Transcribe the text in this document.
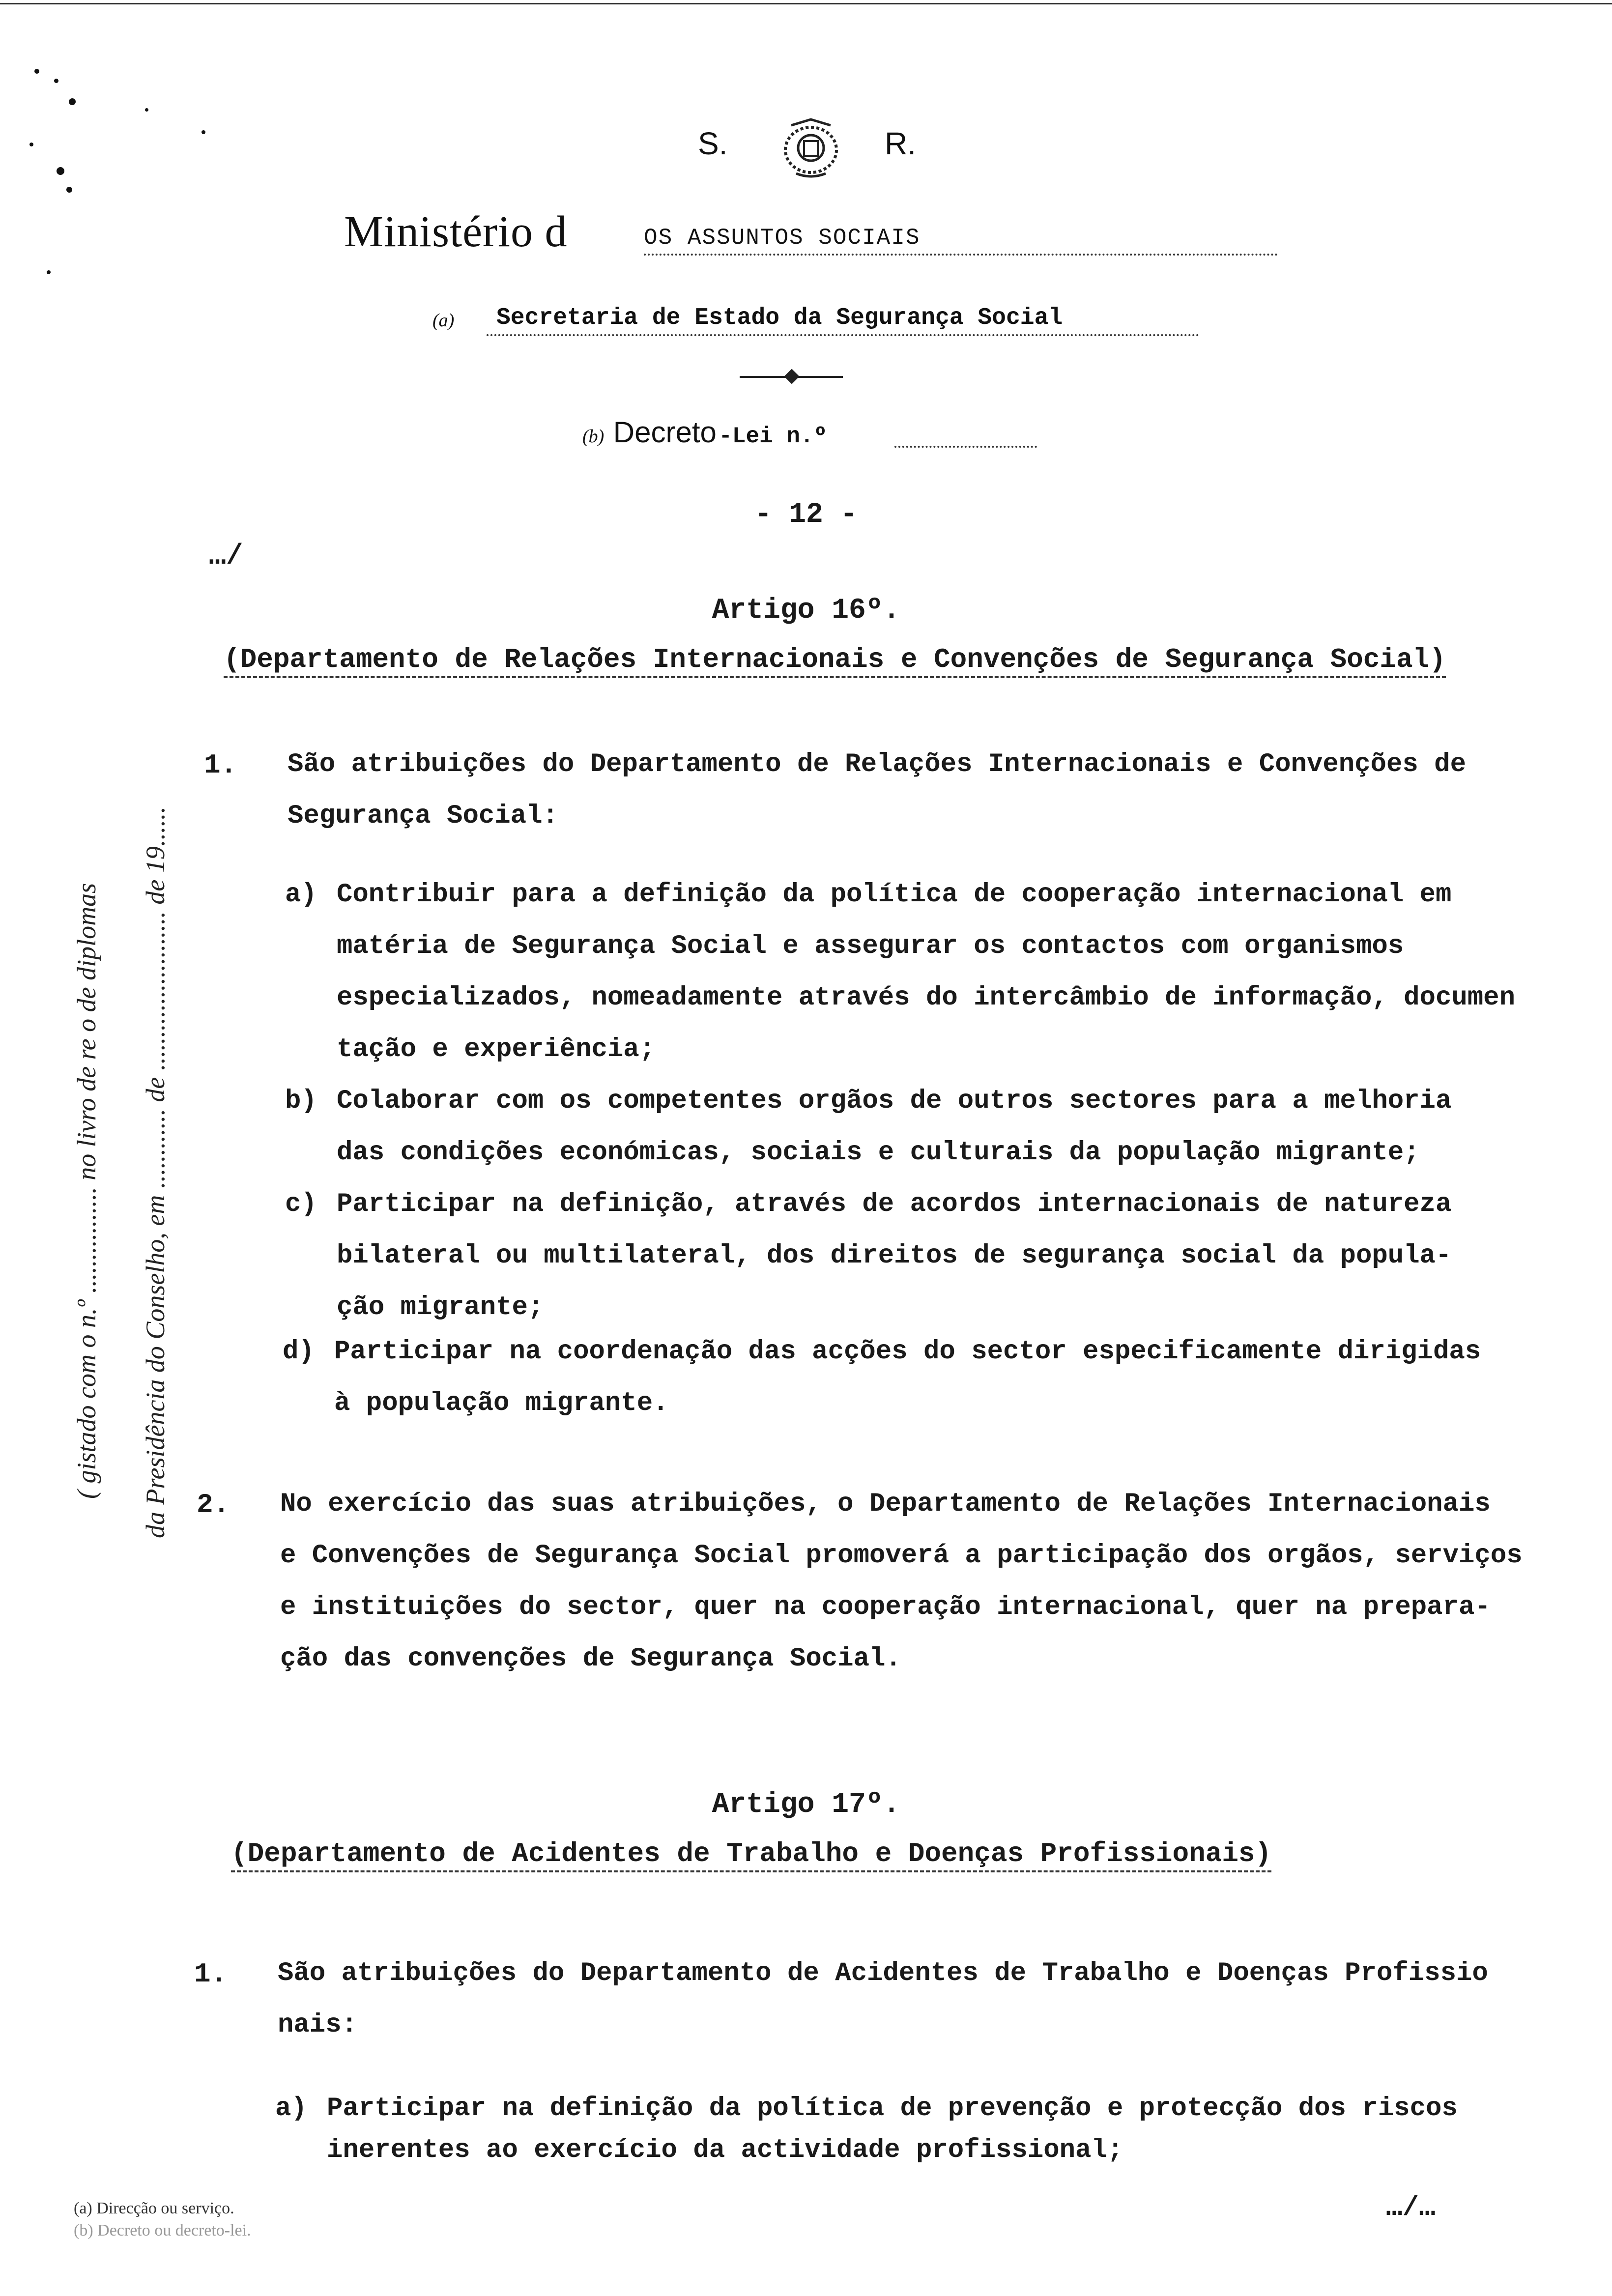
S.	R.
Ministério d	OS ASSUNTOS SOCIAIS
(a) Secretaria de Estado da Segurança Social
(b) Decreto -Lei n.º
- 12 -
…/
( gistado com o n.º ................ no livro de re o de diplomas da Presidência do Conselho, em ............ de ........................ de 19......
Artigo 16º.
(Departamento de Relações Internacionais e Convenções de Segurança Social)
1. São atribuições do Departamento de Relações Internacionais e Convenções de
Segurança Social:
a) Contribuir para a definição da política de cooperação internacional em
matéria de Segurança Social e assegurar os contactos com organismos
especializados, nomeadamente através do intercâmbio de informação, documen
tação e experiência;
b) Colaborar com os competentes orgãos de outros sectores para a melhoria
das condições económicas, sociais e culturais da população migrante;
c) Participar na definição, através de acordos internacionais de natureza
bilateral ou multilateral, dos direitos de segurança social da popula-
ção migrante;
d) Participar na coordenação das acções do sector especificamente dirigidas
à população migrante.
2. No exercício das suas atribuições, o Departamento de Relações Internacionais
e Convenções de Segurança Social promoverá a participação dos orgãos, serviços
e instituições do sector, quer na cooperação internacional, quer na prepara-
ção das convenções de Segurança Social.
Artigo 17º.
(Departamento de Acidentes de Trabalho e Doenças Profissionais)
1. São atribuições do Departamento de Acidentes de Trabalho e Doenças Profissio
nais:
a) Participar na definição da política de prevenção e protecção dos riscos
inerentes ao exercício da actividade profissional;
(a) Direcção ou serviço.
(b) Decreto ou decreto-lei.
…/…
